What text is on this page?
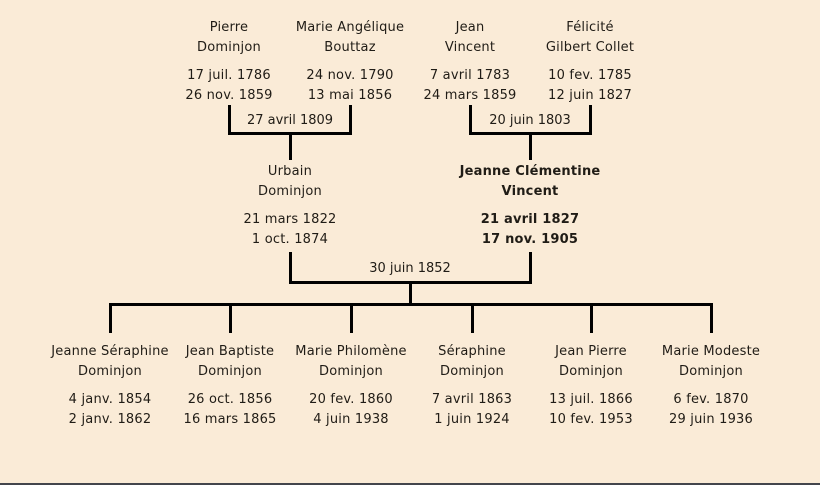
Pierre
Dominjon
17 juil. 1786
26 nov. 1859
Marie Angélique
Bouttaz
24 nov. 1790
13 mai 1856
Jean
Vincent
7 avril 1783
24 mars 1859
Félicité
Gilbert Collet
10 fev. 1785
12 juin 1827
27 avril 1809	20 juin 1803
Urbain
Dominjon
21 mars 1822
1 oct. 1874
Jeanne Clémentine
Vincent
21 avril 1827
17 nov. 1905
30 juin 1852
Jeanne Séraphine
Dominjon
4 janv. 1854
2 janv. 1862
Jean Baptiste
Dominjon
26 oct. 1856
16 mars 1865
Marie Philomène
Dominjon
20 fev. 1860
4 juin 1938
Séraphine
Dominjon
7 avril 1863
1 juin 1924
Jean Pierre
Dominjon
13 juil. 1866
10 fev. 1953
Marie Modeste
Dominjon
6 fev. 1870
29 juin 1936
